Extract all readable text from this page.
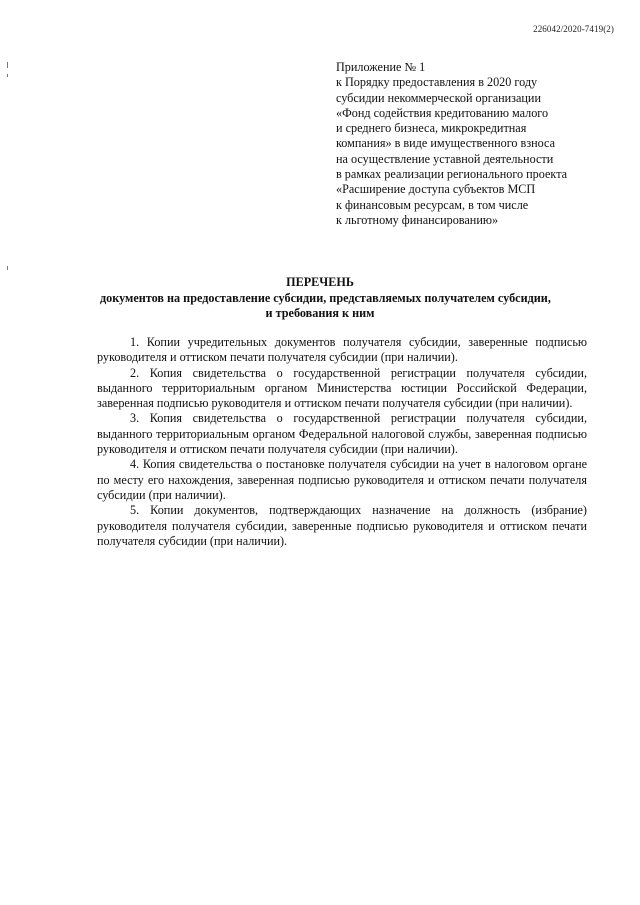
226042/2020-7419(2)
Приложение № 1
к Порядку предоставления в 2020 году
субсидии некоммерческой организации
«Фонд содействия кредитованию малого
и среднего бизнеса, микрокредитная
компания» в виде имущественного взноса
на осуществление уставной деятельности
в рамках реализации регионального проекта
«Расширение доступа субъектов МСП
к финансовым ресурсам, в том числе
к льготному финансированию»
ПЕРЕЧЕНЬ
документов на предоставление субсидии, представляемых получателем субсидии,
и требования к ним

1. Копии учредительных документов получателя субсидии, заверенные подписью руководителя и оттиском печати получателя субсидии (при наличии).

2. Копия свидетельства о государственной регистрации получателя субсидии, выданного территориальным органом Министерства юстиции Российской Федерации, заверенная подписью руководителя и оттиском печати получателя субсидии (при наличии).

3. Копия свидетельства о государственной регистрации получателя субсидии, выданного территориальным органом Федеральной налоговой службы, заверенная подписью руководителя и оттиском печати получателя субсидии (при наличии).

4. Копия свидетельства о постановке получателя субсидии на учет в налоговом органе по месту его нахождения, заверенная подписью руководителя и оттиском печати получателя субсидии (при наличии).

5. Копии документов, подтверждающих назначение на должность (избрание) руководителя получателя субсидии, заверенные подписью руководителя и оттиском печати получателя субсидии (при наличии).
